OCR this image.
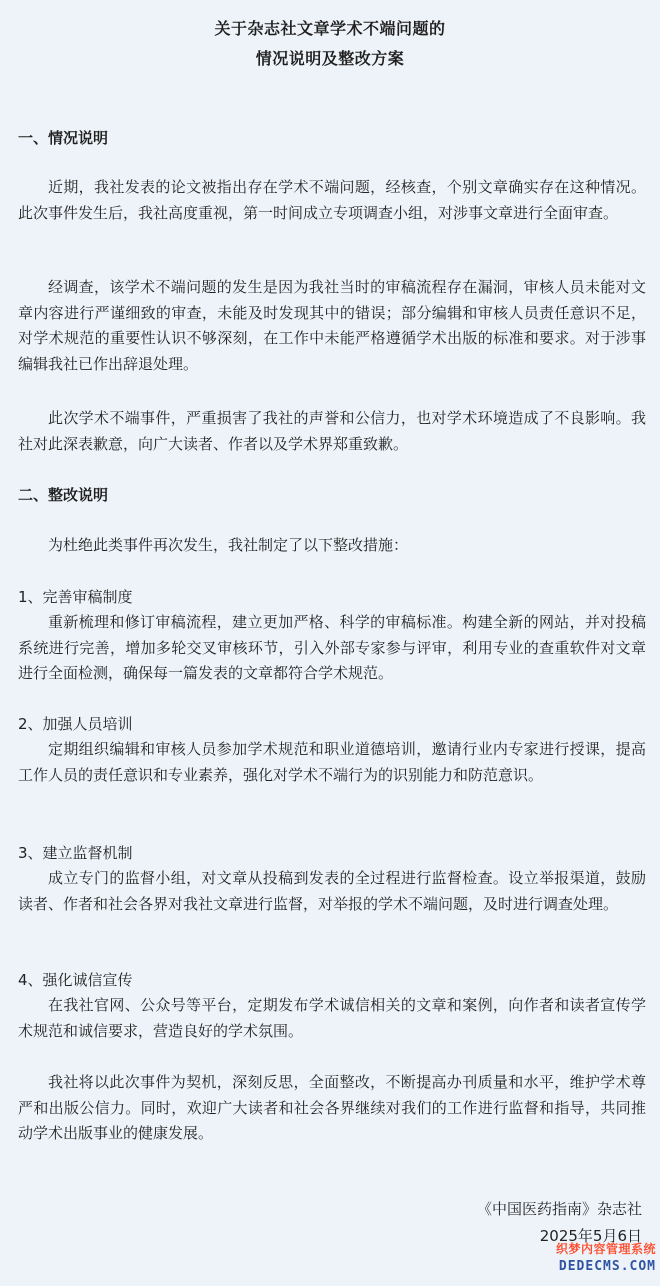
关于杂志社文章学术不端问题的
情况说明及整改方案
一、情况说明

近期，我社发表的论文被指出存在学术不端问题，经核查，个别文章确实存在这种情况。此次事件发生后，我社高度重视，第一时间成立专项调查小组，对涉事文章进行全面审查。

经调查，该学术不端问题的发生是因为我社当时的审稿流程存在漏洞，审核人员未能对文章内容进行严谨细致的审查，未能及时发现其中的错误；部分编辑和审核人员责任意识不足，对学术规范的重要性认识不够深刻，在工作中未能严格遵循学术出版的标准和要求。对于涉事编辑我社已作出辞退处理。

此次学术不端事件，严重损害了我社的声誉和公信力，也对学术环境造成了不良影响。我社对此深表歉意，向广大读者、作者以及学术界郑重致歉。

二、整改说明

为杜绝此类事件再次发生，我社制定了以下整改措施：

1、完善审稿制度

重新梳理和修订审稿流程，建立更加严格、科学的审稿标准。构建全新的网站，并对投稿系统进行完善，增加多轮交叉审核环节，引入外部专家参与评审，利用专业的查重软件对文章进行全面检测，确保每一篇发表的文章都符合学术规范。

2、加强人员培训

定期组织编辑和审核人员参加学术规范和职业道德培训，邀请行业内专家进行授课，提高工作人员的责任意识和专业素养，强化对学术不端行为的识别能力和防范意识。

3、建立监督机制

成立专门的监督小组，对文章从投稿到发表的全过程进行监督检查。设立举报渠道，鼓励读者、作者和社会各界对我社文章进行监督，对举报的学术不端问题，及时进行调查处理。

4、强化诚信宣传

在我社官网、公众号等平台，定期发布学术诚信相关的文章和案例，向作者和读者宣传学术规范和诚信要求，营造良好的学术氛围。

我社将以此次事件为契机，深刻反思，全面整改，不断提高办刊质量和水平，维护学术尊严和出版公信力。同时，欢迎广大读者和社会各界继续对我们的工作进行监督和指导，共同推动学术出版事业的健康发展。

《中国医药指南》杂志社
2025年5月6日
织梦内容管理系统
DEDECMS.COM
